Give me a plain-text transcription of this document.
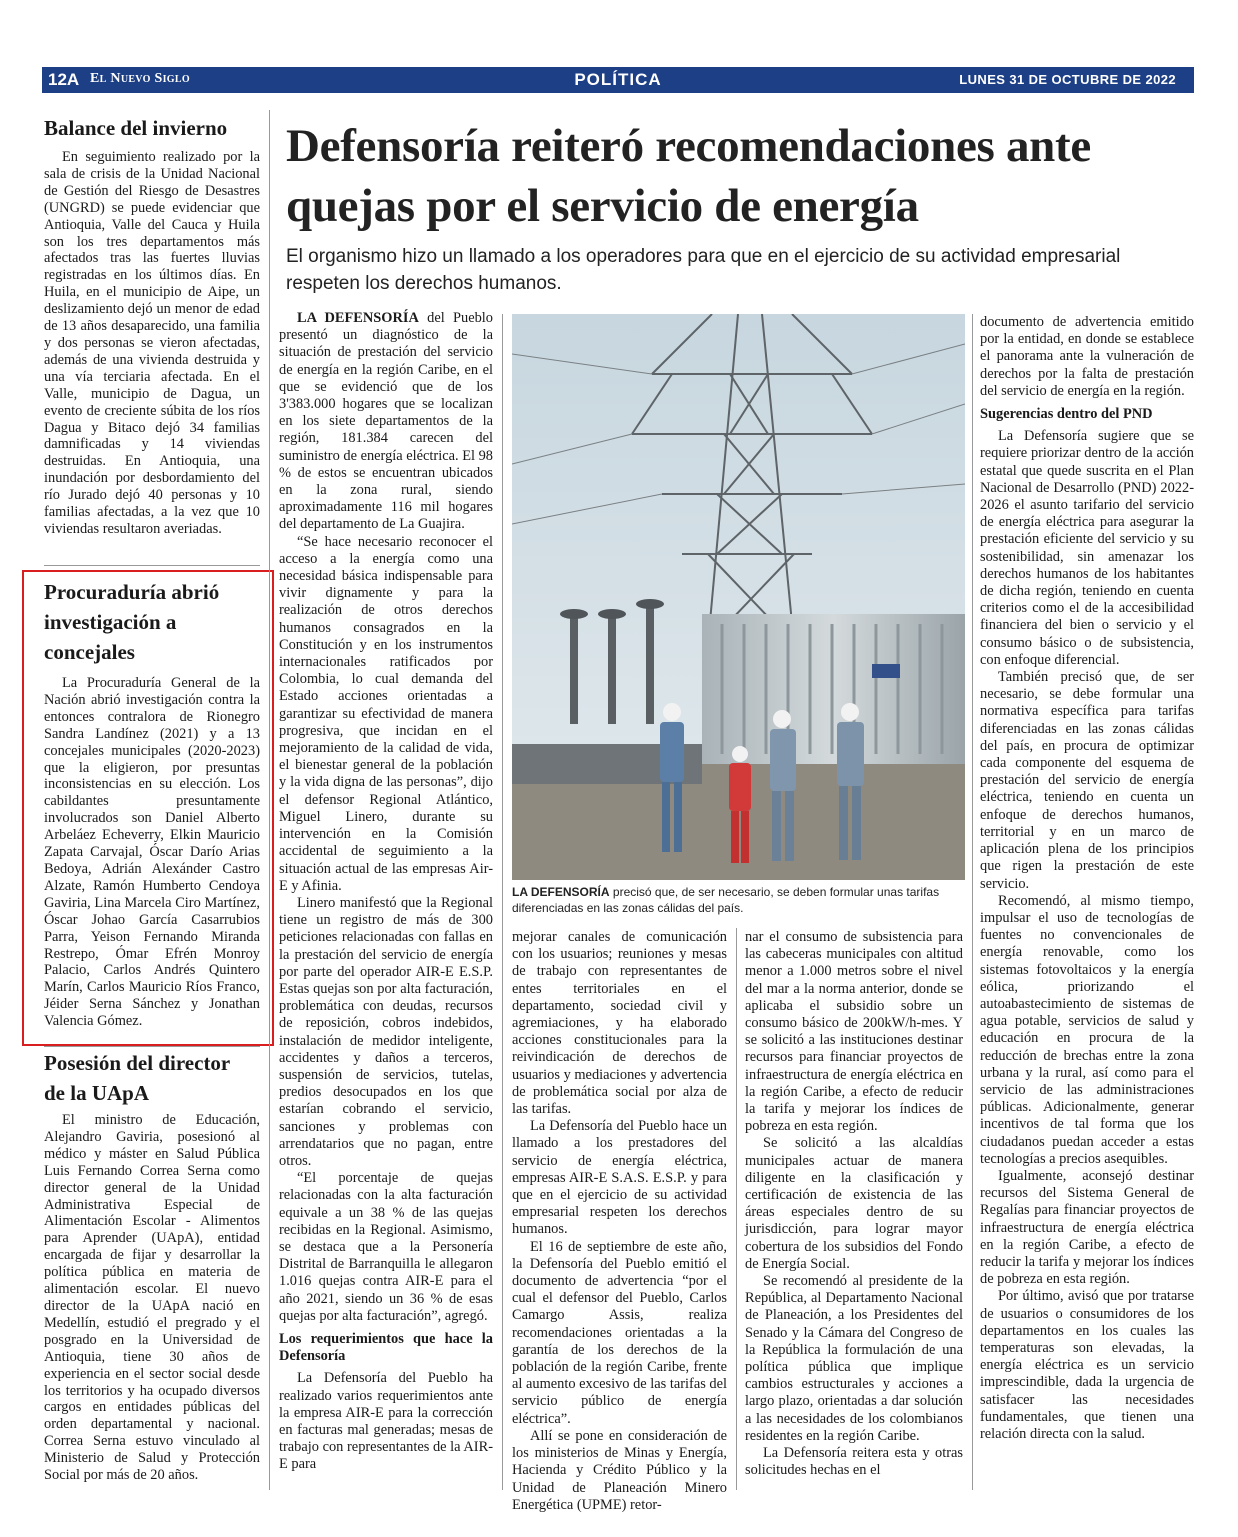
12A El Nuevo Siglo	POLÍTICA	LUNES 31 DE OCTUBRE DE 2022
Balance del invierno
En seguimiento realizado por la sala de crisis de la Unidad Nacional de Gestión del Riesgo de Desastres (UNGRD) se puede evidenciar que Antioquia, Valle del Cauca y Huila son los tres departamentos más afectados tras las fuertes lluvias registradas en los últimos días. En Huila, en el municipio de Aipe, un deslizamiento dejó un menor de edad de 13 años desaparecido, una familia y dos personas se vieron afectadas, además de una vivienda destruida y una vía terciaria afectada. En el Valle, municipio de Dagua, un evento de creciente súbita de los ríos Dagua y Bitaco dejó 34 familias damnificadas y 14 viviendas destruidas. En Antioquia, una inundación por desbordamiento del río Jurado dejó 40 personas y 10 familias afectadas, a la vez que 10 viviendas resultaron averiadas.
Procuraduría abrió investigación a concejales
La Procuraduría General de la Nación abrió investigación contra la entonces contralora de Rionegro Sandra Landínez (2021) y a 13 concejales municipales (2020-2023) que la eligieron, por presuntas inconsistencias en su elección. Los cabildantes presuntamente involucrados son Daniel Alberto Arbeláez Echeverry, Elkin Mauricio Zapata Carvajal, Óscar Darío Arias Bedoya, Adrián Alexánder Castro Alzate, Ramón Humberto Cendoya Gaviria, Lina Marcela Ciro Martínez, Óscar Johao García Casarrubios Parra, Yeison Fernando Miranda Restrepo, Ómar Efrén Monroy Palacio, Carlos Andrés Quintero Marín, Carlos Mauricio Ríos Franco, Jéider Serna Sánchez y Jonathan Valencia Gómez.
Posesión del director de la UApA
El ministro de Educación, Alejandro Gaviria, posesionó al médico y máster en Salud Pública Luis Fernando Correa Serna como director general de la Unidad Administrativa Especial de Alimentación Escolar - Alimentos para Aprender (UApA), entidad encargada de fijar y desarrollar la política pública en materia de alimentación escolar. El nuevo director de la UApA nació en Medellín, estudió el pregrado y el posgrado en la Universidad de Antioquia, tiene 30 años de experiencia en el sector social desde los territorios y ha ocupado diversos cargos en entidades públicas del orden departamental y nacional. Correa Serna estuvo vinculado al Ministerio de Salud y Protección Social por más de 20 años.
Defensoría reiteró recomendaciones ante quejas por el servicio de energía
El organismo hizo un llamado a los operadores para que en el ejercicio de su actividad empresarial respeten los derechos humanos.

LA DEFENSORÍA del Pueblo presentó un diagnóstico de la situación de prestación del servicio de energía en la región Caribe, en el que se evidenció que de los 3'383.000 hogares que se localizan en los siete departamentos de la región, 181.384 carecen del suministro de energía eléctrica. El 98 % de estos se encuentran ubicados en la zona rural, siendo aproximadamente 116 mil hogares del departamento de La Guajira.

“Se hace necesario reconocer el acceso a la energía como una necesidad básica indispensable para vivir dignamente y para la realización de otros derechos humanos consagrados en la Constitución y en los instrumentos internacionales ratificados por Colombia, lo cual demanda del Estado acciones orientadas a garantizar su efectividad de manera progresiva, que incidan en el mejoramiento de la calidad de vida, el bienestar general de la población y la vida digna de las personas”, dijo el defensor Regional Atlántico, Miguel Linero, durante su intervención en la Comisión accidental de seguimiento a la situación actual de las empresas Air-E y Afinia.

Linero manifestó que la Regional tiene un registro de más de 300 peticiones relacionadas con fallas en la prestación del servicio de energía por parte del operador AIR-E E.S.P. Estas quejas son por alta facturación, problemática con deudas, recursos de reposición, cobros indebidos, instalación de medidor inteligente, accidentes y daños a terceros, suspensión de servicios, tutelas, predios desocupados en los que estarían cobrando el servicio, sanciones y problemas con arrendatarios que no pagan, entre otros.

“El porcentaje de quejas relacionadas con la alta facturación equivale a un 38 % de las quejas recibidas en la Regional. Asimismo, se destaca que a la Personería Distrital de Barranquilla le allegaron 1.016 quejas contra AIR-E para el año 2021, siendo un 36 % de esas quejas por alta facturación”, agregó.

Los requerimientos que hace la Defensoría

La Defensoría del Pueblo ha realizado varios requerimientos ante la empresa AIR-E para la corrección en facturas mal generadas; mesas de trabajo con representantes de la AIR-E para

LA DEFENSORÍA precisó que, de ser necesario, se deben formular unas tarifas diferenciadas en las zonas cálidas del país.

mejorar canales de comunicación con los usuarios; reuniones y mesas de trabajo con representantes de entes territoriales en el departamento, sociedad civil y agremiaciones, y ha elaborado acciones constitucionales para la reivindicación de derechos de usuarios y mediaciones y advertencia de problemática social por alza de las tarifas.

La Defensoría del Pueblo hace un llamado a los prestadores del servicio de energía eléctrica, empresas AIR-E S.A.S. E.S.P. y para que en el ejercicio de su actividad empresarial respeten los derechos humanos.

El 16 de septiembre de este año, la Defensoría del Pueblo emitió el documento de advertencia “por el cual el defensor del Pueblo, Carlos Camargo Assis, realiza recomendaciones orientadas a la garantía de los derechos de la población de la región Caribe, frente al aumento excesivo de las tarifas del servicio público de energía eléctrica”.

Allí se pone en consideración de los ministerios de Minas y Energía, Hacienda y Crédito Público y la Unidad de Planeación Minero Energética (UPME) retor-

nar el consumo de subsistencia para las cabeceras municipales con altitud menor a 1.000 metros sobre el nivel del mar a la norma anterior, donde se aplicaba el subsidio sobre un consumo básico de 200kW/h-mes. Y se solicitó a las instituciones destinar recursos para financiar proyectos de infraestructura de energía eléctrica en la región Caribe, a efecto de reducir la tarifa y mejorar los índices de pobreza en esta región.

Se solicitó a las alcaldías municipales actuar de manera diligente en la clasificación y certificación de existencia de las áreas especiales dentro de su jurisdicción, para lograr mayor cobertura de los subsidios del Fondo de Energía Social.

Se recomendó al presidente de la República, al Departamento Nacional de Planeación, a los Presidentes del Senado y la Cámara del Congreso de la República la formulación de una política pública que implique cambios estructurales y acciones a largo plazo, orientadas a dar solución a las necesidades de los colombianos residentes en la región Caribe.

La Defensoría reitera esta y otras solicitudes hechas en el

documento de advertencia emitido por la entidad, en donde se establece el panorama ante la vulneración de derechos por la falta de prestación del servicio de energía en la región.

Sugerencias dentro del PND

La Defensoría sugiere que se requiere priorizar dentro de la acción estatal que quede suscrita en el Plan Nacional de Desarrollo (PND) 2022- 2026 el asunto tarifario del servicio de energía eléctrica para asegurar la prestación eficiente del servicio y su sostenibilidad, sin amenazar los derechos humanos de los habitantes de dicha región, teniendo en cuenta criterios como el de la accesibilidad financiera del bien o servicio y el consumo básico o de subsistencia, con enfoque diferencial.

También precisó que, de ser necesario, se debe formular una normativa específica para tarifas diferenciadas en las zonas cálidas del país, en procura de optimizar cada componente del esquema de prestación del servicio de energía eléctrica, teniendo en cuenta un enfoque de derechos humanos, territorial y en un marco de aplicación plena de los principios que rigen la prestación de este servicio.

Recomendó, al mismo tiempo, impulsar el uso de tecnologías de fuentes no convencionales de energía renovable, como los sistemas fotovoltaicos y la energía eólica, priorizando el autoabastecimiento de sistemas de agua potable, servicios de salud y educación en procura de la reducción de brechas entre la zona urbana y la rural, así como para el servicio de las administraciones públicas. Adicionalmente, generar incentivos de tal forma que los ciudadanos puedan acceder a estas tecnologías a precios asequibles.

Igualmente, aconsejó destinar recursos del Sistema General de Regalías para financiar proyectos de infraestructura de energía eléctrica en la región Caribe, a efecto de reducir la tarifa y mejorar los índices de pobreza en esta región.

Por último, avisó que por tratarse de usuarios o consumidores de los departamentos en los cuales las temperaturas son elevadas, la energía eléctrica es un servicio imprescindible, dada la urgencia de satisfacer las necesidades fundamentales, que tienen una relación directa con la salud.
